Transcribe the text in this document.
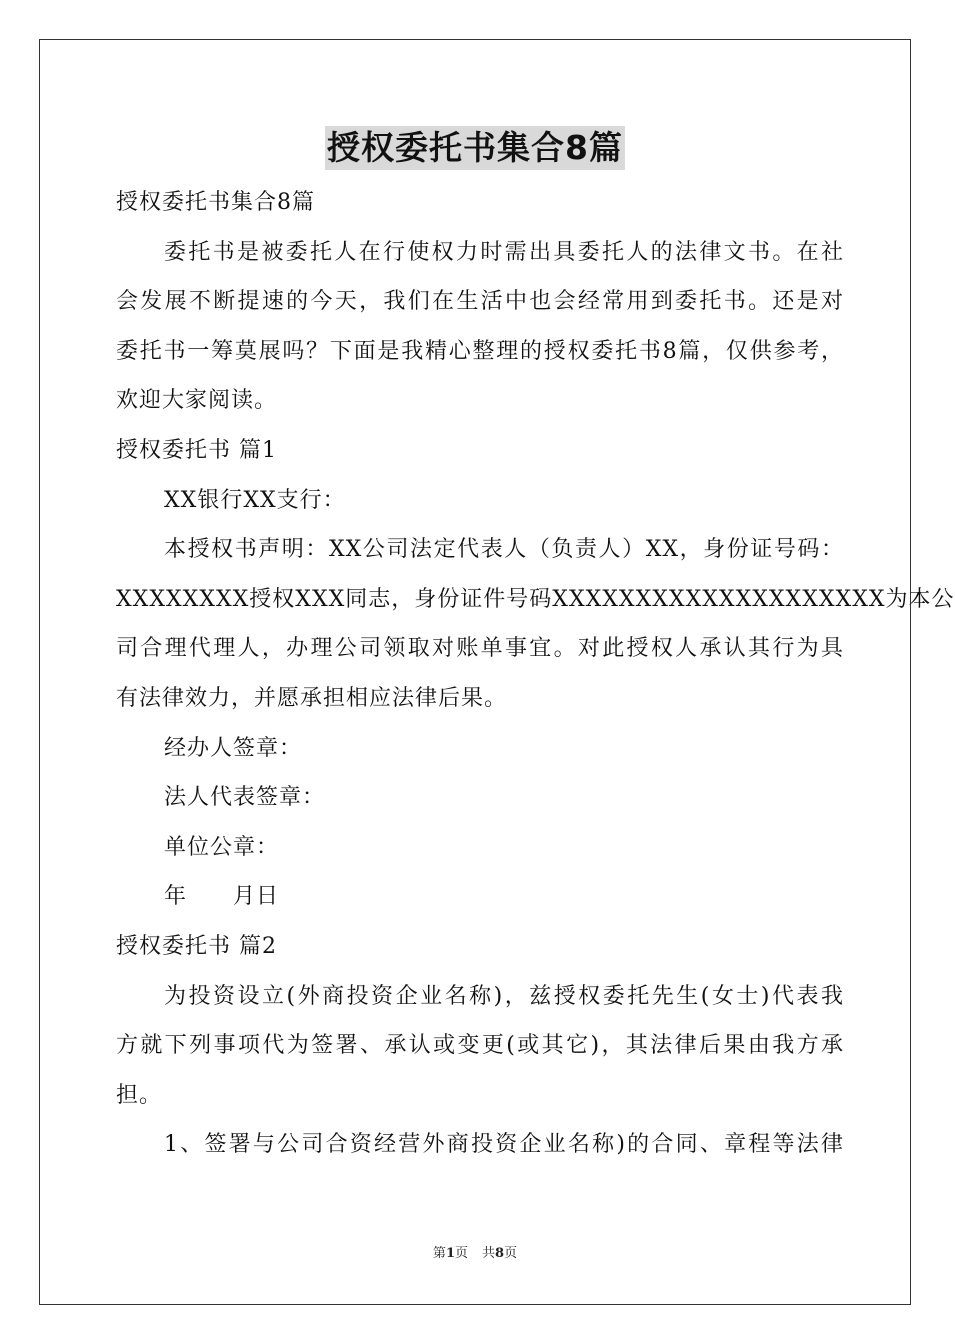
授权委托书集合8篇
授权委托书集合8篇
委托书是被委托人在行使权力时需出具委托人的法律文书。在社
会发展不断提速的今天，我们在生活中也会经常用到委托书。还是对
委托书一筹莫展吗？下面是我精心整理的授权委托书8篇，仅供参考，
欢迎大家阅读。
授权委托书 篇1
XX银行XX支行：
本授权书声明：XX公司法定代表人（负责人）XX，身份证号码：
XXXXXXXX授权XXX同志，身份证件号码XXXXXXXXXXXXXXXXXXXX为本公
司合理代理人，办理公司领取对账单事宜。对此授权人承认其行为具
有法律效力，并愿承担相应法律后果。
经办人签章：
法人代表签章：
单位公章：
年　　月日
授权委托书 篇2
为投资设立(外商投资企业名称)，兹授权委托先生(女士)代表我
方就下列事项代为签署、承认或变更(或其它)，其法律后果由我方承
担。
1、签署与公司合资经营外商投资企业名称)的合同、章程等法律
第1页 共8页
